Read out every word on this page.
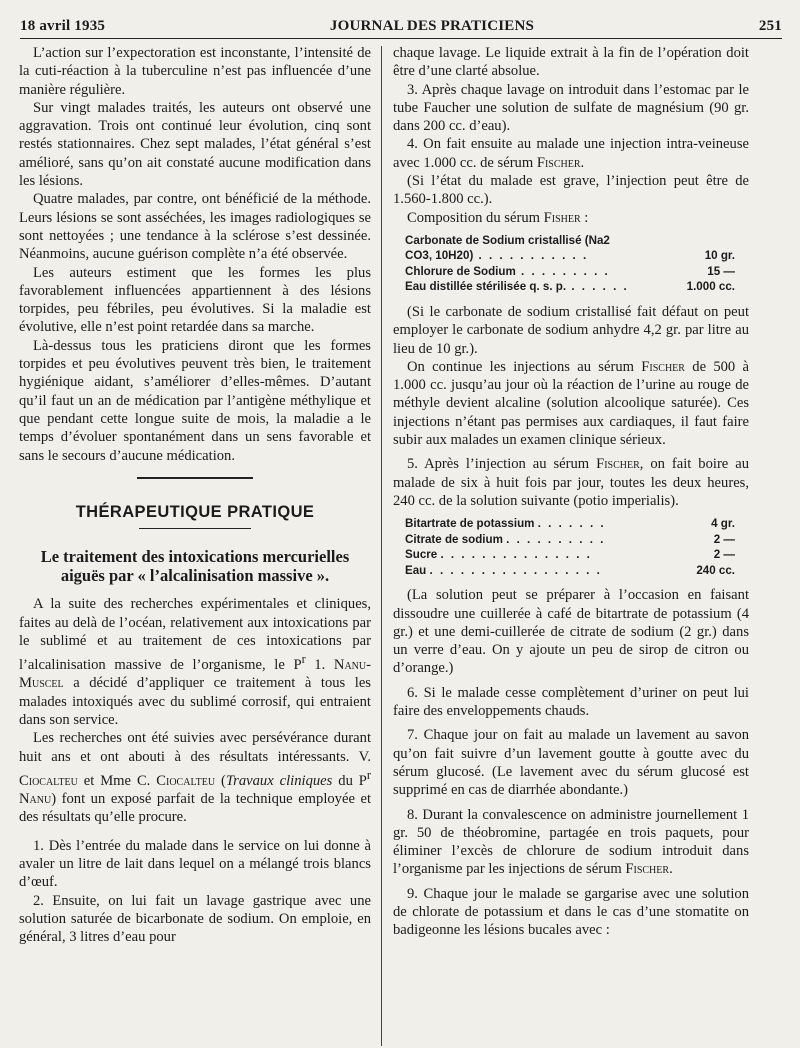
18 avril 1935	JOURNAL DES PRATICIENS	251

L’action sur l’expectoration est inconstante, l’intensité de la cuti-réaction à la tuberculine n’est pas influencée d’une manière régulière.

Sur vingt malades traités, les auteurs ont observé une aggravation. Trois ont continué leur évolution, cinq sont restés stationnaires. Chez sept malades, l’état général s’est amélioré, sans qu’on ait constaté aucune modification dans les lésions.

Quatre malades, par contre, ont bénéficié de la méthode. Leurs lésions se sont asséchées, les images radiologiques se sont nettoyées ; une tendance à la sclérose s’est dessinée. Néanmoins, aucune guérison complète n’a été observée.

Les auteurs estiment que les formes les plus favorablement influencées appartiennent à des lésions torpides, peu fébriles, peu évolutives. Si la maladie est évolutive, elle n’est point retardée dans sa marche.

Là-dessus tous les praticiens diront que les formes torpides et peu évolutives peuvent très bien, le traitement hygiénique aidant, s’améliorer d’elles-mêmes. D’autant qu’il faut un an de médication par l’antigène méthylique et que pendant cette longue suite de mois, la maladie a le temps d’évoluer spontanément dans un sens favorable et sans le secours d’aucune médication.

THÉRAPEUTIQUE PRATIQUE
Le traitement des intoxications mercurielles aiguës par « l’alcalinisation massive ».

A la suite des recherches expérimentales et cliniques, faites au delà de l’océan, relativement aux intoxications par le sublimé et au traitement de ces intoxications par l’alcalinisation massive de l’organisme, le $P^r$ 1. Nanu-Muscel a décidé d’appliquer ce traitement à tous les malades intoxiqués avec du sublimé corrosif, qui entraient dans son service.

Les recherches ont été suivies avec persévérance durant huit ans et ont abouti à des résultats intéressants. V. Ciocalteu et Mme C. Ciocalteu (Travaux cliniques du $P^r$ Nanu) font un exposé parfait de la technique employée et des résultats qu’elle procure.

1. Dès l’entrée du malade dans le service on lui donne à avaler un litre de lait dans lequel on a mélangé trois blancs d’œuf.

2. Ensuite, on lui fait un lavage gastrique avec une solution saturée de bicarbonate de sodium. On emploie, en général, 3 litres d’eau pour

chaque lavage. Le liquide extrait à la fin de l’opération doit être d’une clarté absolue.

3. Après chaque lavage on introduit dans l’estomac par le tube Faucher une solution de sulfate de magnésium (90 gr. dans 200 cc. d’eau).

4. On fait ensuite au malade une injection intra-veineuse avec 1.000 cc. de sérum Fischer.

(Si l’état du malade est grave, l’injection peut être de 1.560-1.800 cc.).

Composition du sérum Fisher :

Carbonate de Sodium cristallisé (Na2	
CO3, 10H20) . . . . . . . . . . .	10 gr.
Chlorure de Sodium . . . . . . . . .	15 —
Eau distillée stérilisée q. s. p. . . . . . .	1.000 cc.

(Si le carbonate de sodium cristallisé fait défaut on peut employer le carbonate de sodium anhydre 4,2 gr. par litre au lieu de 10 gr.).

On continue les injections au sérum Fischer de 500 à 1.000 cc. jusqu’au jour où la réaction de l’urine au rouge de méthyle devient alcaline (solution alcoolique saturée). Ces injections n’étant pas permises aux cardiaques, il faut faire subir aux malades un examen clinique sérieux.

5. Après l’injection au sérum Fischer, on fait boire au malade de six à huit fois par jour, toutes les deux heures, 240 cc. de la solution suivante (potio imperialis).

Bitartrate de potassium . . . . . . .	4 gr.
Citrate de sodium . . . . . . . . . .	2 —
Sucre . . . . . . . . . . . . . . .	2 —
Eau . . . . . . . . . . . . . . . . .	240 cc.

(La solution peut se préparer à l’occasion en faisant dissoudre une cuillerée à café de bitartrate de potassium (4 gr.) et une demi-cuillerée de citrate de sodium (2 gr.) dans un verre d’eau. On y ajoute un peu de sirop de citron ou d’orange.)

6. Si le malade cesse complètement d’uriner on peut lui faire des enveloppements chauds.

7. Chaque jour on fait au malade un lavement au savon qu’on fait suivre d’un lavement goutte à goutte avec du sérum glucosé. (Le lavement avec du sérum glucosé est supprimé en cas de diarrhée abondante.)

8. Durant la convalescence on administre journellement 1 gr. 50 de théobromine, partagée en trois paquets, pour éliminer l’excès de chlorure de sodium introduit dans l’organisme par les injections de sérum Fischer.

9. Chaque jour le malade se gargarise avec une solution de chlorate de potassium et dans le cas d’une stomatite on badigeonne les lésions bucales avec :
